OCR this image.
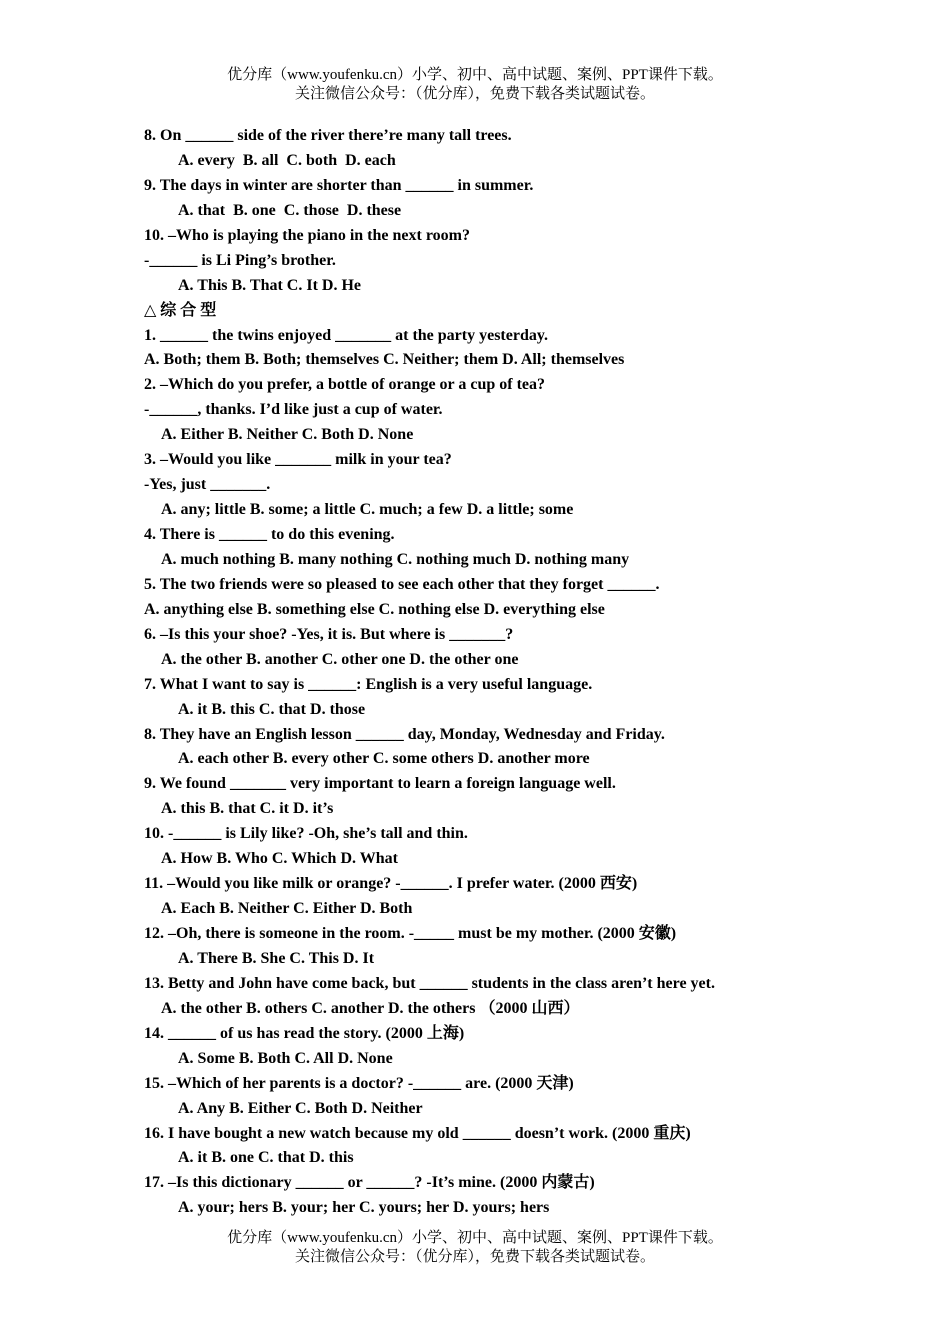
优分库（www.youfenku.cn）小学、初中、高中试题、案例、PPT课件下载。
关注微信公众号：（优分库），免费下载各类试题试卷。
8. On ______ side of the river there’re many tall trees.
A. every  B. all  C. both  D. each
9. The days in winter are shorter than ______ in summer.
A. that  B. one  C. those  D. these
10. –Who is playing the piano in the next room?
-______ is Li Ping’s brother.
A. This B. That C. It D. He
△ 综 合 型
1. ______ the twins enjoyed _______ at the party yesterday.
A. Both; them B. Both; themselves C. Neither; them D. All; themselves
2. –Which do you prefer, a bottle of orange or a cup of tea?
-______, thanks. I’d like just a cup of water.
A. Either B. Neither C. Both D. None
3. –Would you like _______ milk in your tea?
-Yes, just _______.
A. any; little B. some; a little C. much; a few D. a little; some
4. There is ______ to do this evening.
A. much nothing B. many nothing C. nothing much D. nothing many
5. The two friends were so pleased to see each other that they forget ______.
A. anything else B. something else C. nothing else D. everything else
6. –Is this your shoe? -Yes, it is. But where is _______?
A. the other B. another C. other one D. the other one
7. What I want to say is ______: English is a very useful language.
A. it B. this C. that D. those
8. They have an English lesson ______ day, Monday, Wednesday and Friday.
A. each other B. every other C. some others D. another more
9. We found _______ very important to learn a foreign language well.
A. this B. that C. it D. it’s
10. -______ is Lily like? -Oh, she’s tall and thin.
A. How B. Who C. Which D. What
11. –Would you like milk or orange? -______. I prefer water. (2000 西安)
A. Each B. Neither C. Either D. Both
12. –Oh, there is someone in the room. -_____ must be my mother. (2000 安徽)
A. There B. She C. This D. It
13. Betty and John have come back, but ______ students in the class aren’t here yet.
A. the other B. others C. another D. the others （2000 山西）
14. ______ of us has read the story. (2000 上海)
A. Some B. Both C. All D. None
15. –Which of her parents is a doctor? -______ are. (2000 天津)
A. Any B. Either C. Both D. Neither
16. I have bought a new watch because my old ______ doesn’t work. (2000 重庆)
A. it B. one C. that D. this
17. –Is this dictionary ______ or ______? -It’s mine. (2000 内蒙古)
A. your; hers B. your; her C. yours; her D. yours; hers
优分库（www.youfenku.cn）小学、初中、高中试题、案例、PPT课件下载。
关注微信公众号：（优分库），免费下载各类试题试卷。
